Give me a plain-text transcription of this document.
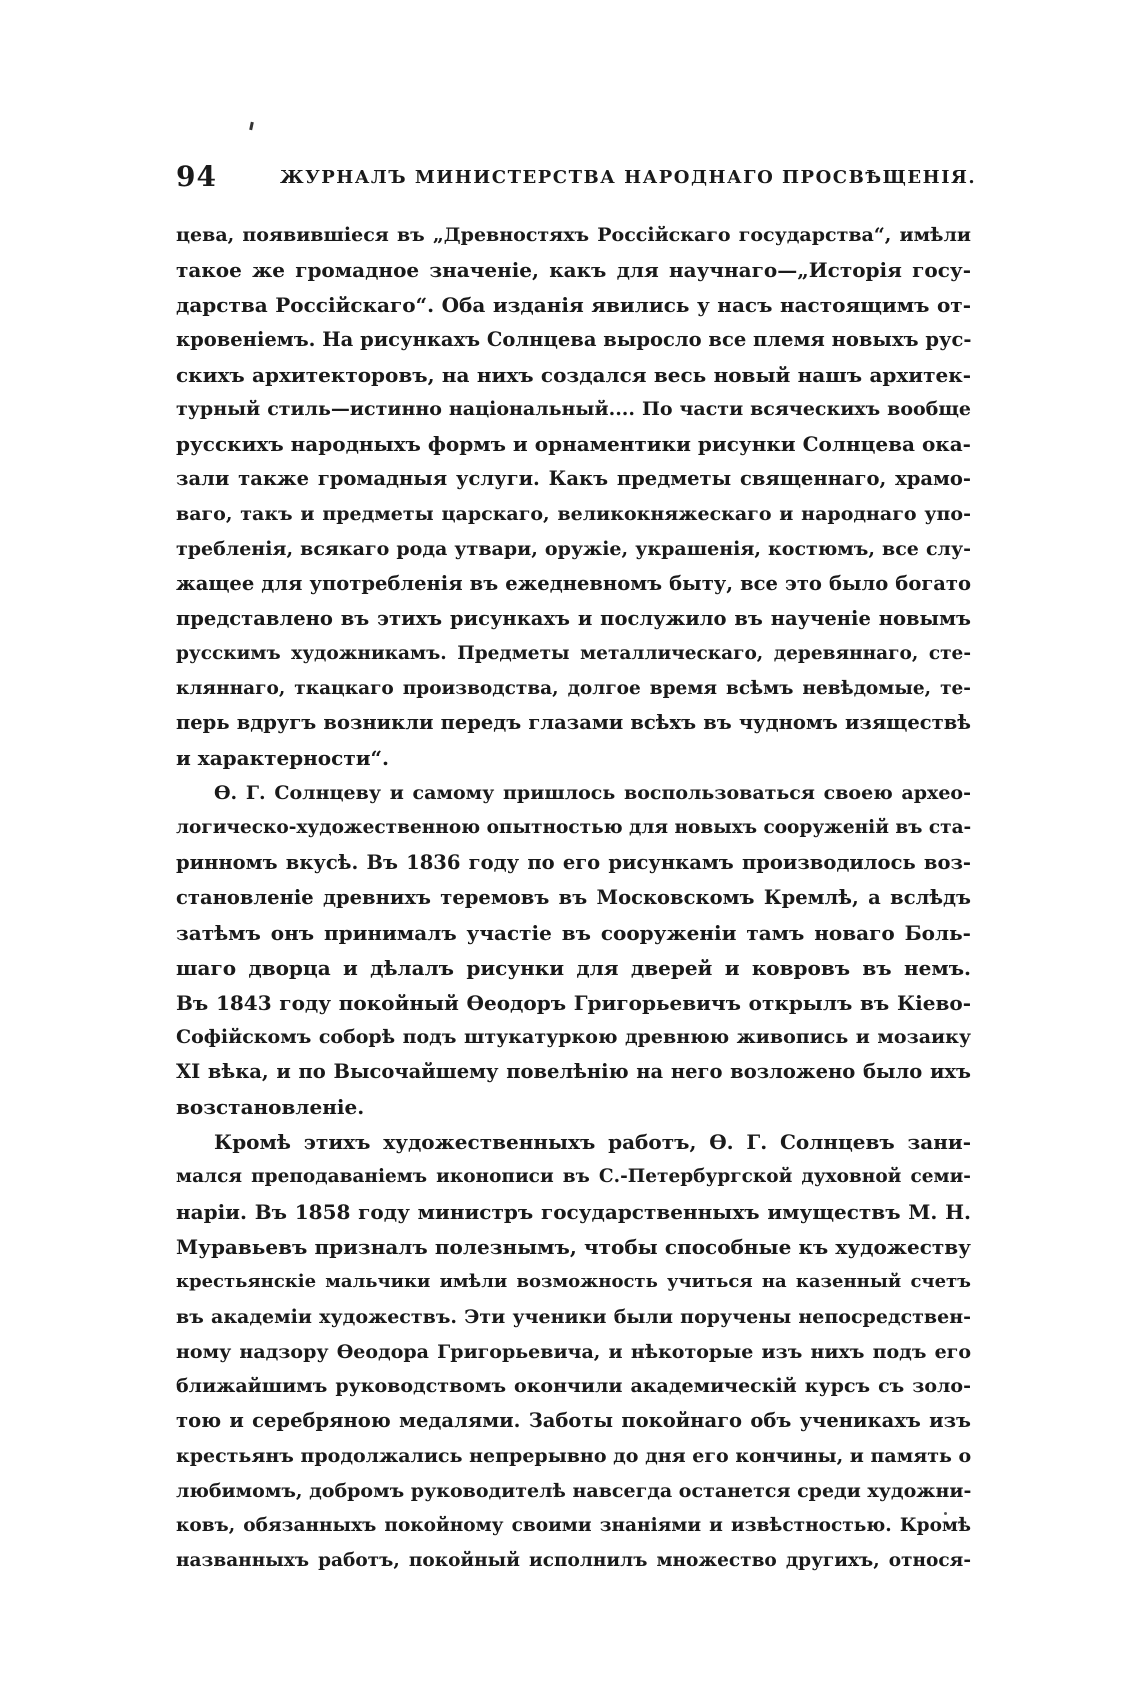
94	ЖУРНАЛЪ МИНИСТЕРСТВА НАРОДНАГО ПРОСВѢЩЕНІЯ.
цева, появившіеся въ „Древностяхъ Россійскаго государства“, имѣли
такое же громадное значеніе, какъ для научнаго—„Исторія госу-
дарства Россійскаго“. Оба изданія явились у насъ настоящимъ от-
кровеніемъ. На рисункахъ Солнцева выросло все племя новыхъ рус-
скихъ архитекторовъ, на нихъ создался весь новый нашъ архитек-
турный стиль—истинно національный.... По части всяческихъ вообще
русскихъ народныхъ формъ и орнаментики рисунки Солнцева ока-
зали также громадныя услуги. Какъ предметы священнаго, храмо-
ваго, такъ и предметы царскаго, великокняжескаго и народнаго упо-
требленія, всякаго рода утвари, оружіе, украшенія, костюмъ, все слу-
жащее для употребленія въ ежедневномъ быту, все это было богато
представлено въ этихъ рисункахъ и послужило въ наученіе новымъ
русскимъ художникамъ. Предметы металлическаго, деревяннаго, сте-
кляннаго, ткацкаго производства, долгое время всѣмъ невѣдомые, те-
перь вдругъ возникли передъ глазами всѣхъ въ чудномъ изяществѣ
и характерности“.
Ѳ. Г. Солнцеву и самому пришлось воспользоваться своею архео-
логическо-художественною опытностью для новыхъ сооруженій въ ста-
ринномъ вкусѣ. Въ 1836 году по его рисункамъ производилось воз-
становленіе древнихъ теремовъ въ Московскомъ Кремлѣ, а вслѣдъ
затѣмъ онъ принималъ участіе въ сооруженіи тамъ новаго Боль-
шаго дворца и дѣлалъ рисунки для дверей и ковровъ въ немъ.
Въ 1843 году покойный Ѳеодоръ Григорьевичъ открылъ въ Кіево-
Софійскомъ соборѣ подъ штукатуркою древнюю живопись и мозаику
XI вѣка, и по Высочайшему повелѣнію на него возложено было ихъ
возстановленіе.
Кромѣ этихъ художественныхъ работъ, Ѳ. Г. Солнцевъ зани-
мался преподаваніемъ иконописи въ С.-Петербургской духовной семи-
наріи. Въ 1858 году министръ государственныхъ имуществъ М. Н.
Муравьевъ призналъ полезнымъ, чтобы способные къ художеству
крестьянскіе мальчики имѣли возможность учиться на казенный счетъ
въ академіи художествъ. Эти ученики были поручены непосредствен-
ному надзору Ѳеодора Григорьевича, и нѣкоторые изъ нихъ подъ его
ближайшимъ руководствомъ окончили академическій курсъ съ золо-
тою и серебряною медалями. Заботы покойнаго объ ученикахъ изъ
крестьянъ продолжались непрерывно до дня его кончины, и память о
любимомъ, добромъ руководителѣ навсегда останется среди художни-
ковъ, обязанныхъ покойному своими знаніями и извѣстностью. Кромѣ
названныхъ работъ, покойный исполнилъ множество другихъ, относя-
